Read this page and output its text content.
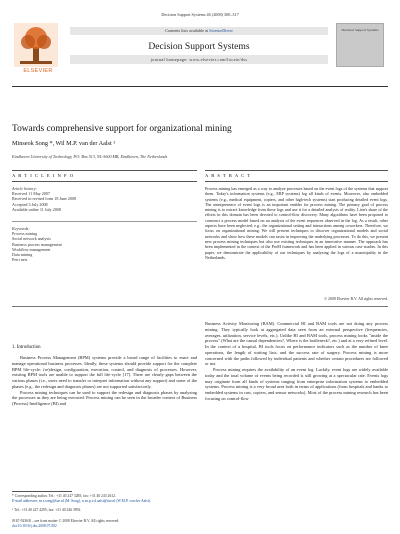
Decision Support Systems 46 (2008) 300–317
ELSEVIER
Contents lists available at ScienceDirect
Decision Support Systems
journal homepage: www.elsevier.com/locate/dss
Decision Support Systems
Towards comprehensive support for organizational mining
Minseok Song *, Wil M.P. van der Aalst ¹
Eindhoven University of Technology, P.O. Box 513, NL-5600 MB, Eindhoven, The Netherlands
A R T I C L E I N F O	A B S T R A C T
Article history:
Received 11 May 2007
Received in revised form 18 June 2008
Accepted 3 July 2008
Available online 11 July 2008
Keywords:
Process mining
Social network analysis
Business process management
Workflow management
Data mining
Petri nets
Process mining has emerged as a way to analyze processes based on the event logs of the systems that support them. Today's information systems (e.g., ERP systems) log all kinds of events. Moreover, also embedded systems (e.g., medical equipment, copiers, and other high-tech systems) start producing detailed event logs. The omnipresence of event logs is an important enabler for process mining. The primary goal of process mining is to extract knowledge from these logs and use it for a detailed analysis of reality. Lion's share of the efforts in this domain has been devoted to control-flow discovery. Many algorithms have been proposed to construct a process model based on an analysis of the event sequences observed in the log. As a result, other aspects have been neglected, e.g., the organizational setting and interactions among coworkers. Therefore, we focus on organizational mining. We will present techniques to discover organizational models and social networks and show how these models can assist in improving the underlying processes. To do this, we present new process mining techniques but also use existing techniques in an innovative manner. The approach has been implemented in the context of the ProM framework and has been applied in various case studies. In this paper, we demonstrate the applicability of our techniques by analyzing the logs of a municipality in the Netherlands.
© 2008 Elsevier B.V. All rights reserved.
1. Introduction

Business Process Management (BPM) systems provide a broad range of facilities to enact and manage operational business processes. Ideally, these systems should provide support for the complete BPM life-cycle: (re)design, configuration, execution, control, and diagnosis of processes. However, existing BPM tools are unable to support the full life-cycle [17]. There are clearly gaps between the various phases (i.e., users need to transfer or interpret information without any support) and some of the phases (e.g., the redesign and diagnosis phases) are not supported satisfactorily.

Process mining techniques can be used to support the redesign and diagnosis phases by analyzing the processes as they are being executed. Process mining can be seen in the broader context of Business (Process) Intelligence (BI) and

Business Activity Monitoring (BAM). Commercial BI and BAM tools are not doing any process mining. They typically look at aggregated data seen from an external perspective (frequencies, averages, utilization, service levels, etc.). Unlike BI and BAM tools, process mining looks "inside the process" (What are the causal dependencies?, Where is the bottleneck?, etc.) and at a very refined level. In the context of a hospital, BI tools focus on performance indicators such as the number of knee operations, the length of waiting lists, and the success rate of surgery. Process mining is more concerned with the paths followed by individual patients and whether certain procedures are followed or not.

Process mining requires the availability of an event log. Luckily, event logs are widely available today and the total volume of events being recorded is still growing at a spectacular rate. Events logs may originate from all kinds of systems ranging from enterprise information systems to embedded systems. Process mining is a very broad area both in terms of applications (from hospitals and banks to embedded systems in cars, copiers, and sensor networks). Most of the process mining research has been focusing on control-flow

* Corresponding author. Tel.: +31 40 247 3285; fax: +31 40 243 2612.
E-mail addresses: m.s.song@tue.nl (M. Song), w.m.p.v.d.aalst@tue.nl (W.M.P. van der Aalst).
¹ Tel.: +31 40 247 4295; fax: +31 40 246 3992.
0167-9236/$ – see front matter © 2008 Elsevier B.V. All rights reserved.
doi:10.1016/j.dss.2008.07.002
